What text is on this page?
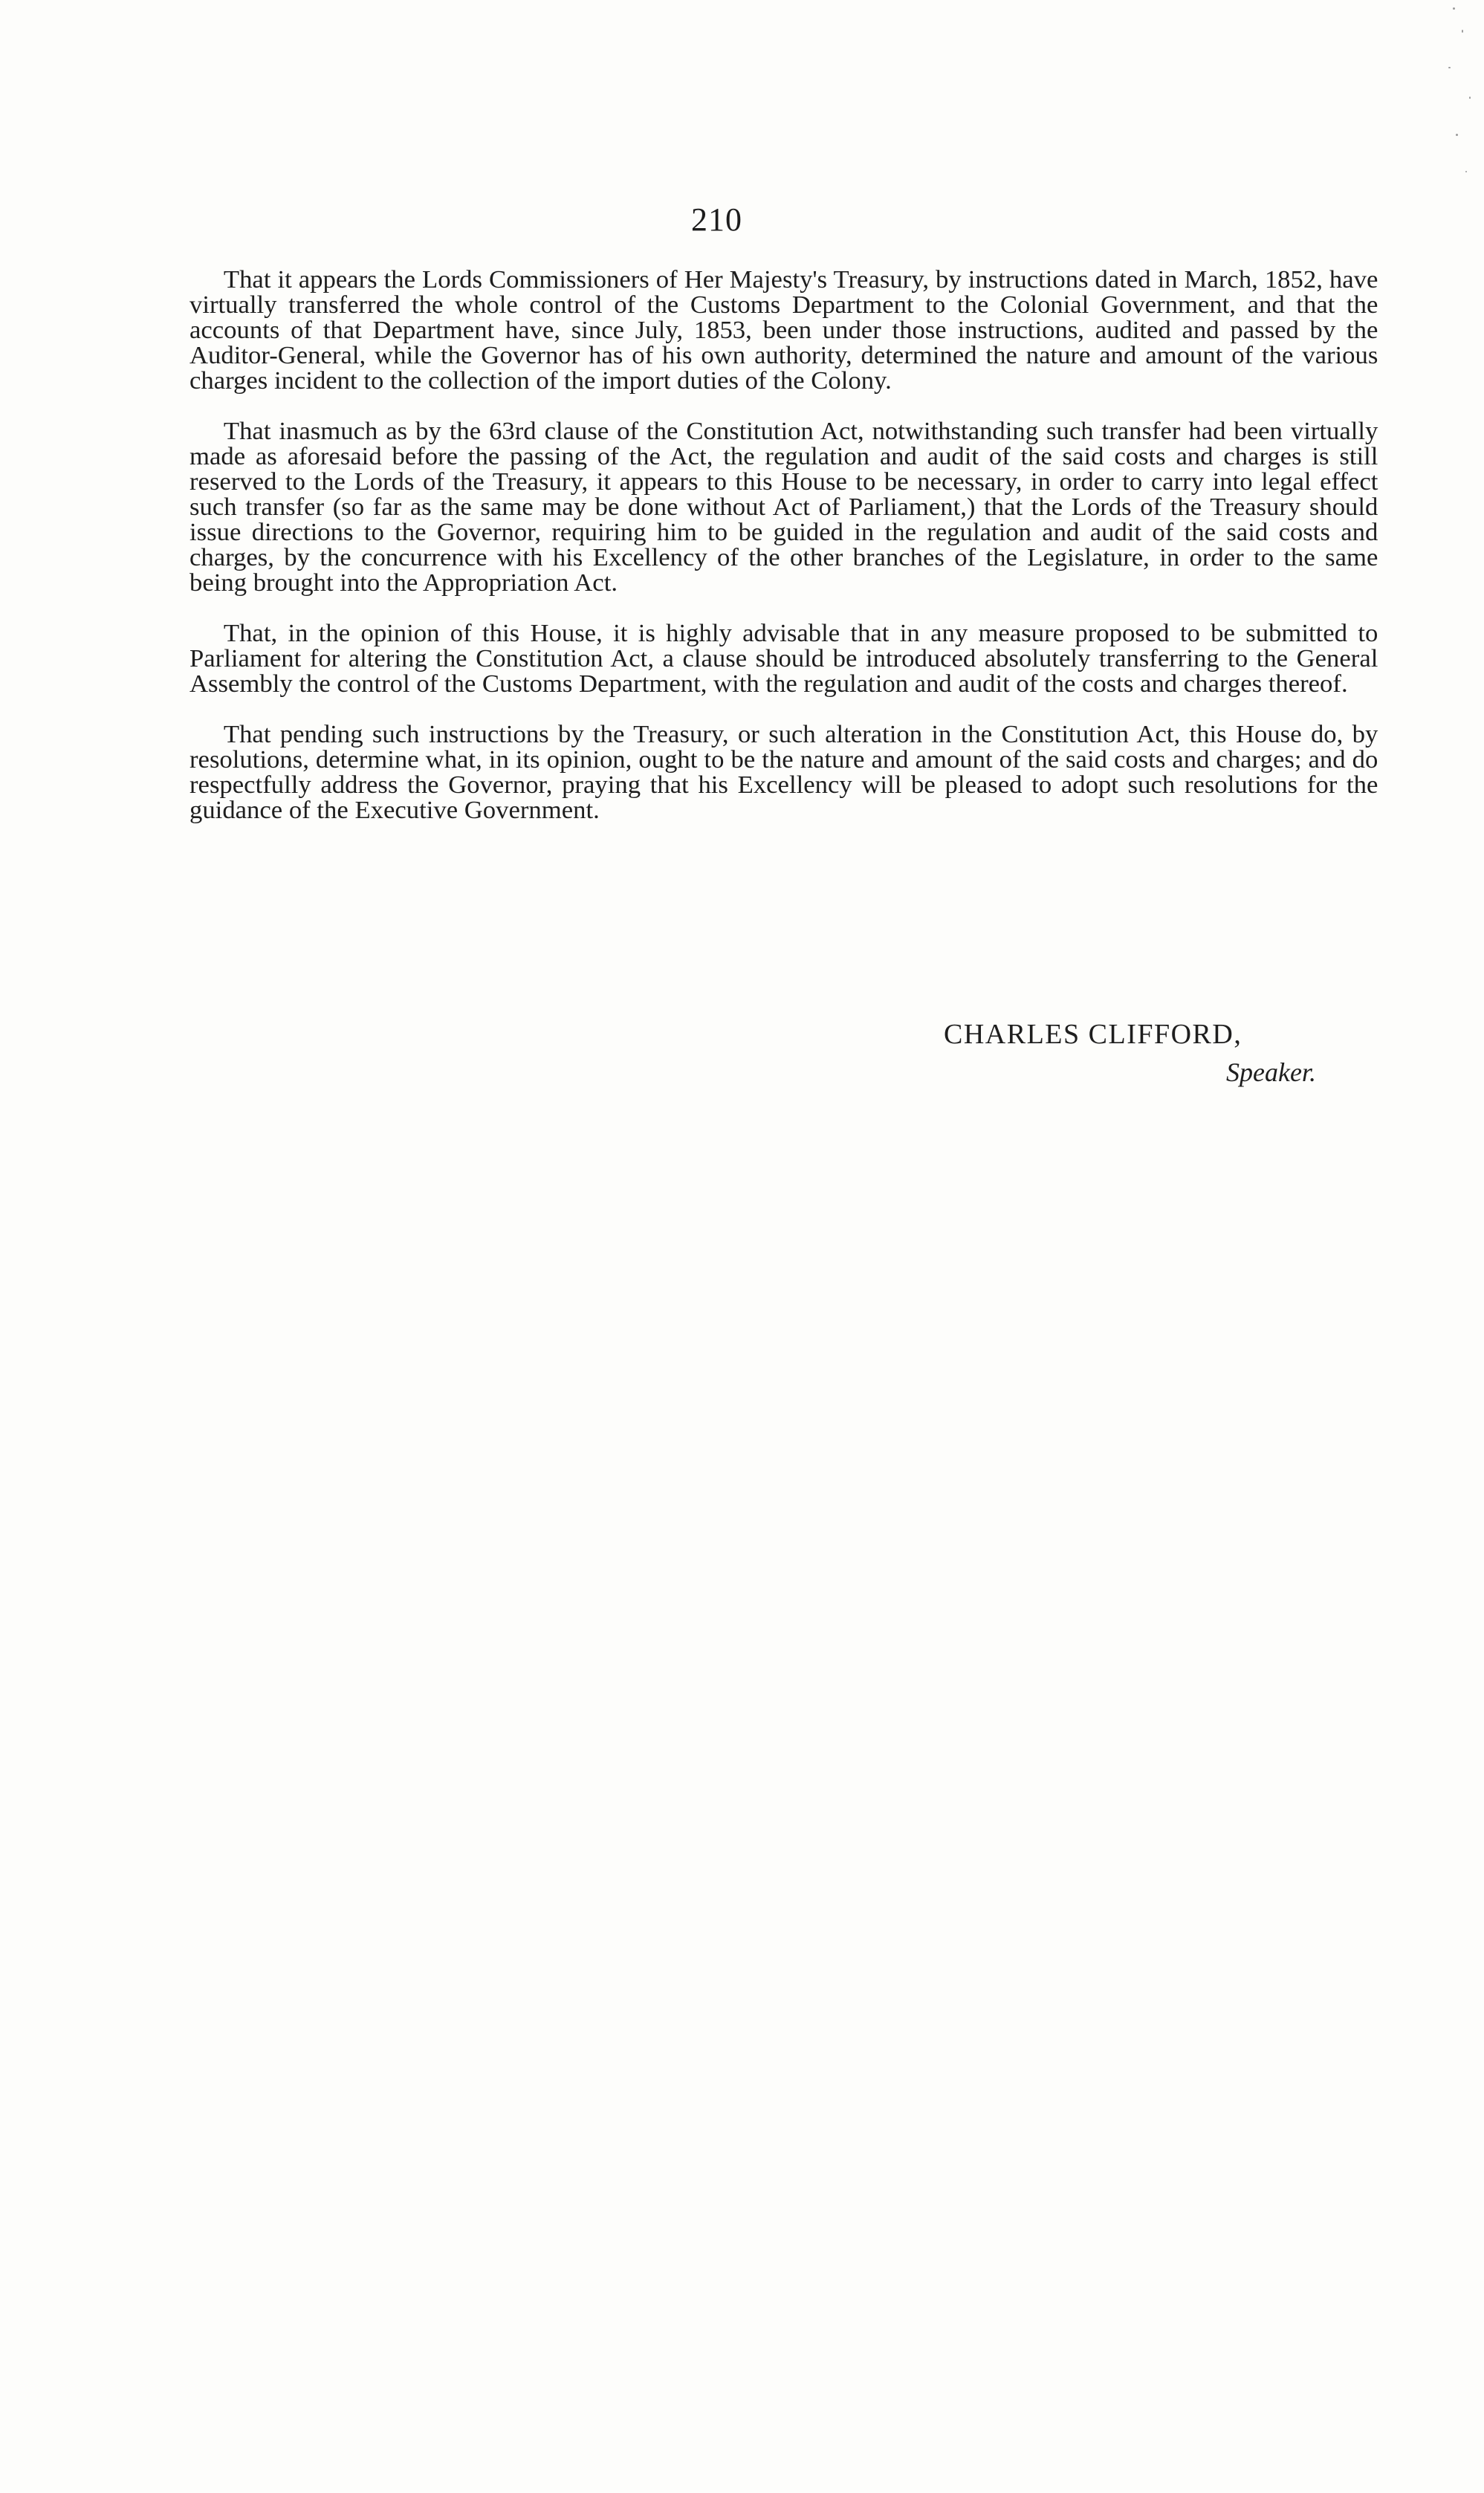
210

That it appears the Lords Commissioners of Her Majesty's Treasury, by instructions dated in March, 1852, have virtually transferred the whole control of the Customs Department to the Colonial Government, and that the accounts of that Department have, since July, 1853, been under those instructions, audited and passed by the Auditor-General, while the Governor has of his own authority, determined the nature and amount of the various charges incident to the collection of the import duties of the Colony.

That inasmuch as by the 63rd clause of the Constitution Act, notwithstanding such transfer had been virtually made as aforesaid before the passing of the Act, the regulation and audit of the said costs and charges is still reserved to the Lords of the Treasury, it appears to this House to be necessary, in order to carry into legal effect such transfer (so far as the same may be done without Act of Parliament,) that the Lords of the Treasury should issue directions to the Governor, requiring him to be guided in the regulation and audit of the said costs and charges, by the concurrence with his Excellency of the other branches of the Legislature, in order to the same being brought into the Appropriation Act.

That, in the opinion of this House, it is highly advisable that in any measure proposed to be submitted to Parliament for altering the Constitution Act, a clause should be introduced absolutely transferring to the General Assembly the control of the Customs Department, with the regulation and audit of the costs and charges thereof.

That pending such instructions by the Treasury, or such alteration in the Constitution Act, this House do, by resolutions, determine what, in its opinion, ought to be the nature and amount of the said costs and charges; and do respectfully address the Governor, praying that his Excellency will be pleased to adopt such resolutions for the guidance of the Executive Government.

CHARLES CLIFFORD,
Speaker.
